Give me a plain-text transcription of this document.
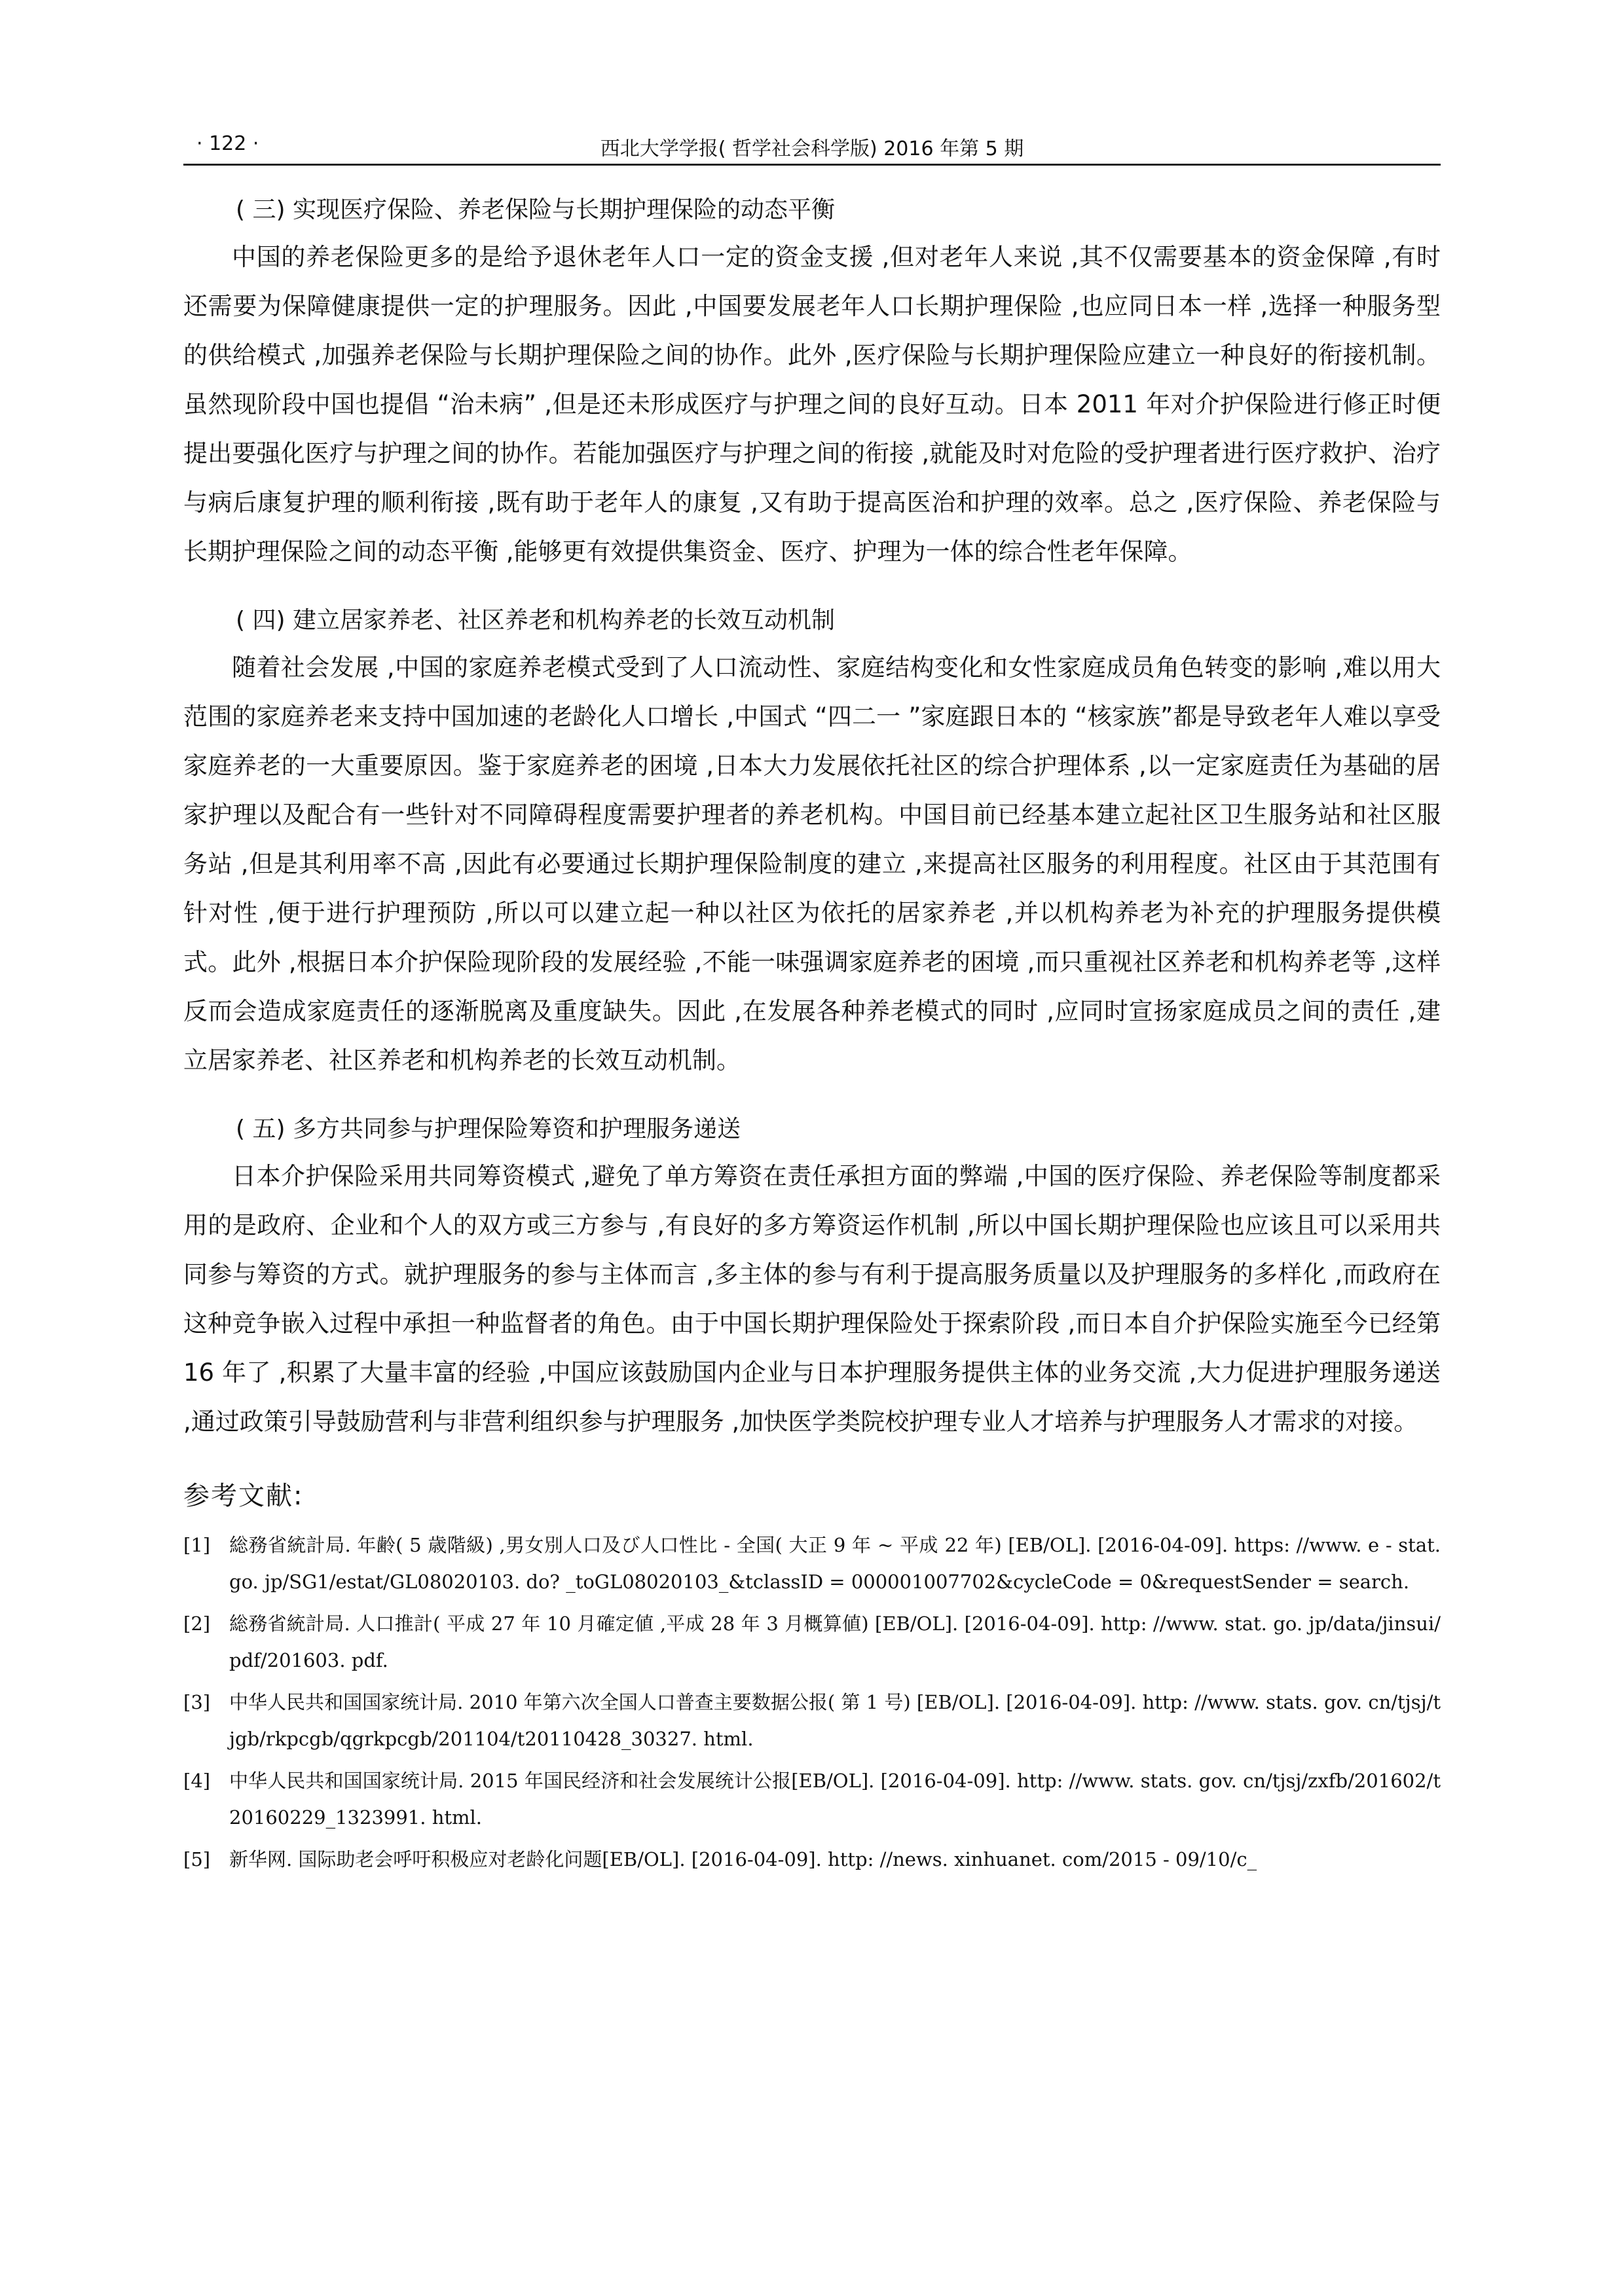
· 122 ·	西北大学学报( 哲学社会科学版) 2016 年第 5 期
( 三) 实现医疗保险、养老保险与长期护理保险的动态平衡

中国的养老保险更多的是给予退休老年人口一定的资金支援 ,但对老年人来说 ,其不仅需要基本的资金保障 ,有时还需要为保障健康提供一定的护理服务。因此 ,中国要发展老年人口长期护理保险 ,也应同日本一样 ,选择一种服务型的供给模式 ,加强养老保险与长期护理保险之间的协作。此外 ,医疗保险与长期护理保险应建立一种良好的衔接机制。虽然现阶段中国也提倡 “治未病” ,但是还未形成医疗与护理之间的良好互动。日本 2011 年对介护保险进行修正时便提出要强化医疗与护理之间的协作。若能加强医疗与护理之间的衔接 ,就能及时对危险的受护理者进行医疗救护、治疗与病后康复护理的顺利衔接 ,既有助于老年人的康复 ,又有助于提高医治和护理的效率。总之 ,医疗保险、养老保险与长期护理保险之间的动态平衡 ,能够更有效提供集资金、医疗、护理为一体的综合性老年保障。

( 四) 建立居家养老、社区养老和机构养老的长效互动机制

随着社会发展 ,中国的家庭养老模式受到了人口流动性、家庭结构变化和女性家庭成员角色转变的影响 ,难以用大范围的家庭养老来支持中国加速的老龄化人口增长 ,中国式 “四二一 ”家庭跟日本的 “核家族”都是导致老年人难以享受家庭养老的一大重要原因。鉴于家庭养老的困境 ,日本大力发展依托社区的综合护理体系 ,以一定家庭责任为基础的居家护理以及配合有一些针对不同障碍程度需要护理者的养老机构。中国目前已经基本建立起社区卫生服务站和社区服务站 ,但是其利用率不高 ,因此有必要通过长期护理保险制度的建立 ,来提高社区服务的利用程度。社区由于其范围有针对性 ,便于进行护理预防 ,所以可以建立起一种以社区为依托的居家养老 ,并以机构养老为补充的护理服务提供模式。此外 ,根据日本介护保险现阶段的发展经验 ,不能一味强调家庭养老的困境 ,而只重视社区养老和机构养老等 ,这样反而会造成家庭责任的逐渐脱离及重度缺失。因此 ,在发展各种养老模式的同时 ,应同时宣扬家庭成员之间的责任 ,建立居家养老、社区养老和机构养老的长效互动机制。

( 五) 多方共同参与护理保险筹资和护理服务递送

日本介护保险采用共同筹资模式 ,避免了单方筹资在责任承担方面的弊端 ,中国的医疗保险、养老保险等制度都采用的是政府、企业和个人的双方或三方参与 ,有良好的多方筹资运作机制 ,所以中国长期护理保险也应该且可以采用共同参与筹资的方式。就护理服务的参与主体而言 ,多主体的参与有利于提高服务质量以及护理服务的多样化 ,而政府在这种竞争嵌入过程中承担一种监督者的角色。由于中国长期护理保险处于探索阶段 ,而日本自介护保险实施至今已经第 16 年了 ,积累了大量丰富的经验 ,中国应该鼓励国内企业与日本护理服务提供主体的业务交流 ,大力促进护理服务递送 ,通过政策引导鼓励营利与非营利组织参与护理服务 ,加快医学类院校护理专业人才培养与护理服务人才需求的对接。

参考文献:
[1] 総務省統計局. 年齢( 5 歳階級) ,男女別人口及び人口性比 - 全国( 大正 9 年 ~ 平成 22 年) [EB/OL]. [2016-04-09]. https: //www. e - stat. go. jp/SG1/estat/GL08020103. do? _toGL08020103_&tclassID = 000001007702&cycleCode = 0&requestSender = search.
[2] 総務省統計局. 人口推計( 平成 27 年 10 月確定値 ,平成 28 年 3 月概算値) [EB/OL]. [2016-04-09]. http: //www. stat. go. jp/data/jinsui/pdf/201603. pdf.
[3] 中华人民共和国国家统计局. 2010 年第六次全国人口普查主要数据公报( 第 1 号) [EB/OL]. [2016-04-09]. http: //www. stats. gov. cn/tjsj/tjgb/rkpcgb/qgrkpcgb/201104/t20110428_30327. html.
[4] 中华人民共和国国家统计局. 2015 年国民经济和社会发展统计公报[EB/OL]. [2016-04-09]. http: //www. stats. gov. cn/tjsj/zxfb/201602/t20160229_1323991. html.
[5] 新华网. 国际助老会呼吁积极应对老龄化问题[EB/OL]. [2016-04-09]. http: //news. xinhuanet. com/2015 - 09/10/c_
